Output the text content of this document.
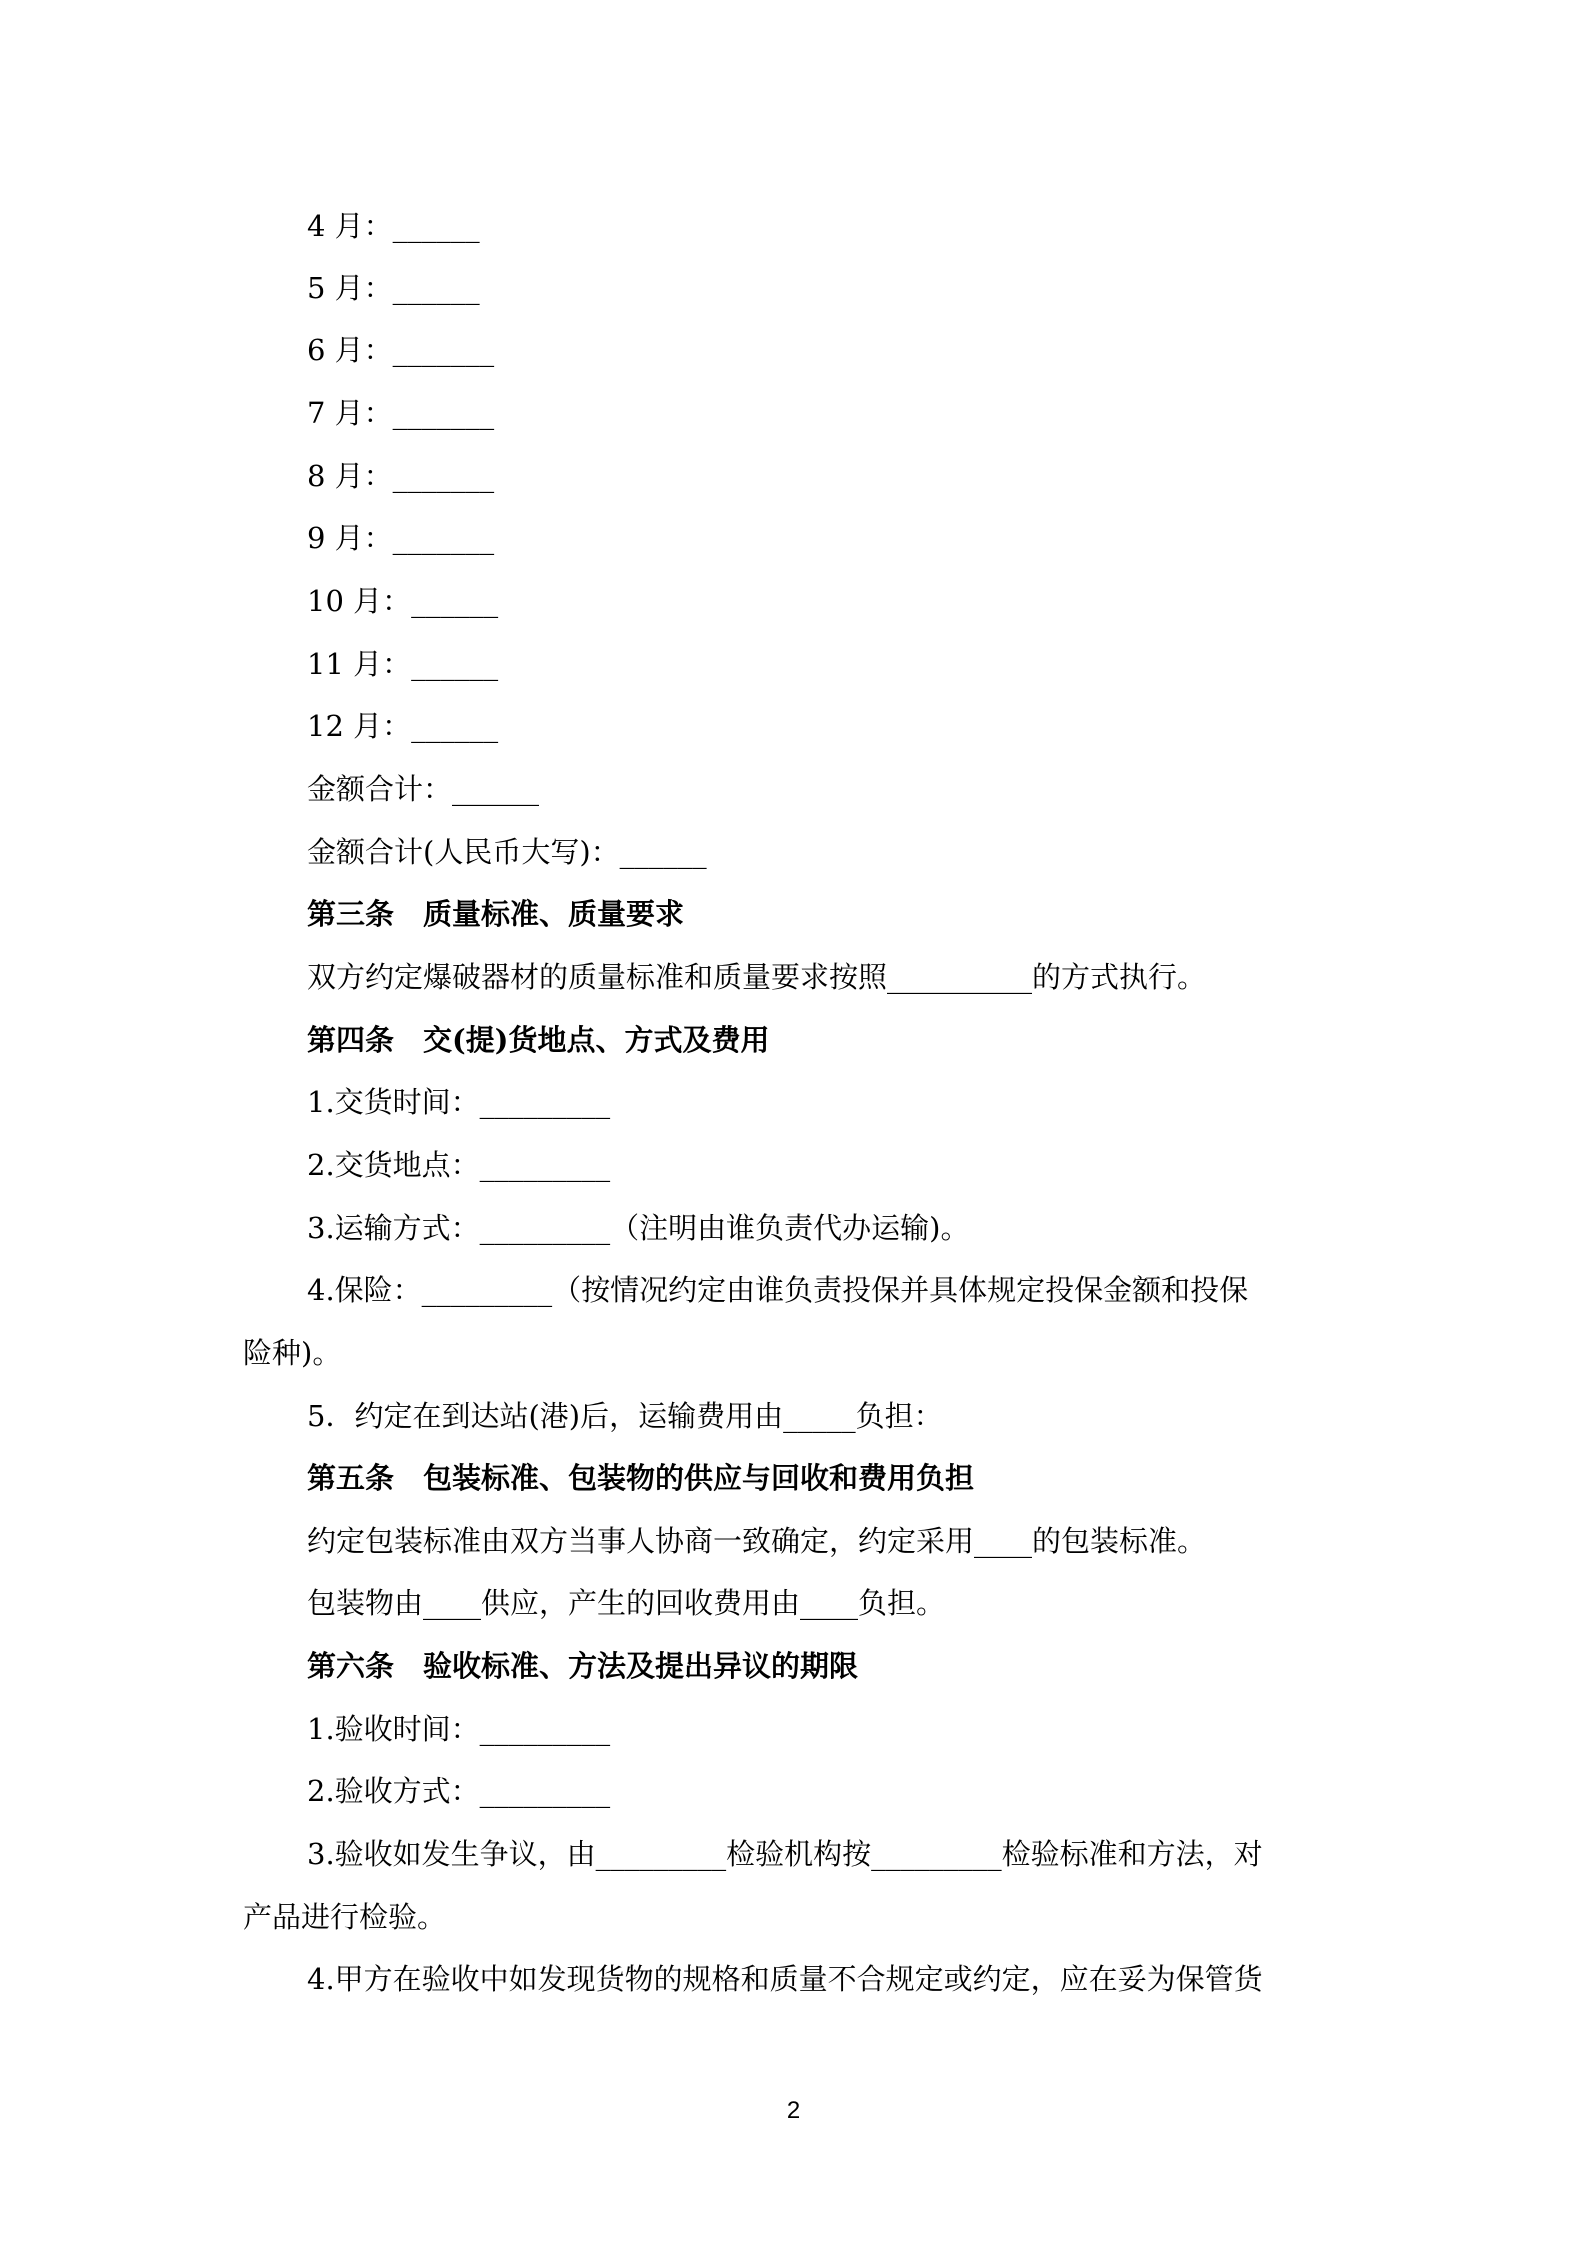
4 月：______
5 月：______
6 月：_______
7 月：_______
8 月：_______
9 月：_______
10 月：______
11 月：______
12 月：______
金额合计：______
金额合计(人民币大写)：______
第三条　质量标准、质量要求
双方约定爆破器材的质量标准和质量要求按照__________的方式执行。
第四条　交(提)货地点、方式及费用
1.交货时间：_________
2.交货地点：_________
3.运输方式：_________（注明由谁负责代办运输)。
4.保险：_________（按情况约定由谁负责投保并具体规定投保金额和投保
险种)。
5．约定在到达站(港)后，运输费用由_____负担：
第五条　包装标准、包装物的供应与回收和费用负担
约定包装标准由双方当事人协商一致确定，约定采用____的包装标准。
包装物由____供应，产生的回收费用由____负担。
第六条　验收标准、方法及提出异议的期限
1.验收时间：_________
2.验收方式：_________
3.验收如发生争议，由_________检验机构按_________检验标准和方法，对
产品进行检验。
4.甲方在验收中如发现货物的规格和质量不合规定或约定，应在妥为保管货
2
